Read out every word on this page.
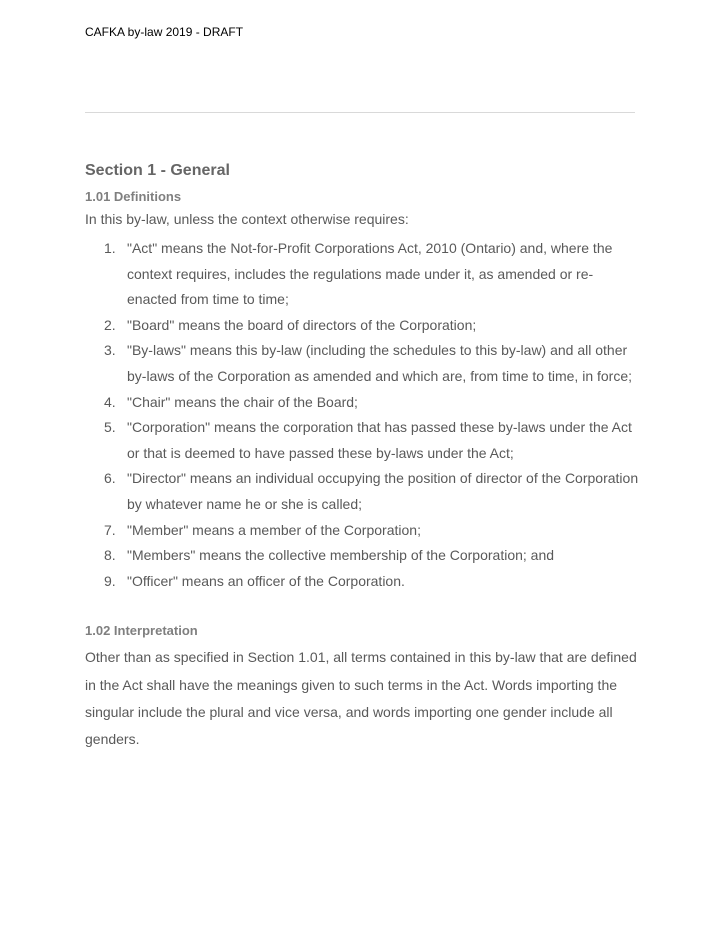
CAFKA by-law 2019 - DRAFT
Section 1 - General
1.01 Definitions

In this by-law, unless the context otherwise requires:

1. "Act" means the Not-for-Profit Corporations Act, 2010 (Ontario) and, where the context requires, includes the regulations made under it, as amended or re-enacted from time to time;
2. "Board" means the board of directors of the Corporation;
3. "By-laws" means this by-law (including the schedules to this by-law) and all other by-laws of the Corporation as amended and which are, from time to time, in force;
4. "Chair" means the chair of the Board;
5. "Corporation" means the corporation that has passed these by-laws under the Act or that is deemed to have passed these by-laws under the Act;
6. "Director" means an individual occupying the position of director of the Corporation by whatever name he or she is called;
7. "Member" means a member of the Corporation;
8. "Members" means the collective membership of the Corporation; and
9. "Officer" means an officer of the Corporation.
1.02 Interpretation

Other than as specified in Section 1.01, all terms contained in this by-law that are defined in the Act shall have the meanings given to such terms in the Act. Words importing the singular include the plural and vice versa, and words importing one gender include all genders.
